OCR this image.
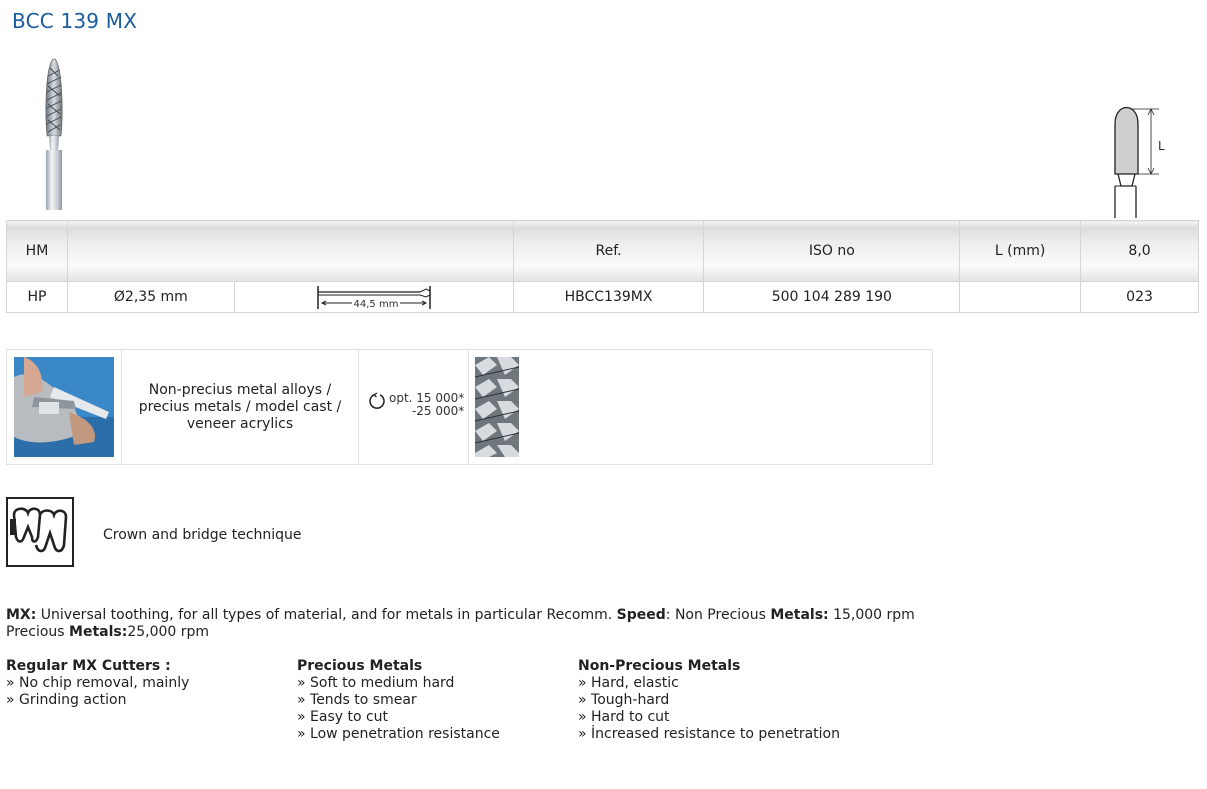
BCC 139 MX
L
HM			Ref.	ISO no	L (mm)	8,0
HP	Ø2,35 mm	44,5 mm	HBCC139MX	500 104 289 190		023
Non-precius metal alloys / precius metals / model cast / veneer acrylics
opt. 15 000*
-25 000*
Crown and bridge technique
MX: Universal toothing, for all types of material, and for metals in particular Recomm. Speed: Non Precious Metals: 15,000 rpm Precious Metals:25,000 rpm
Regular MX Cutters :
» No chip removal, mainly
» Grinding action
Precious Metals
» Soft to medium hard
» Tends to smear
» Easy to cut
» Low penetration resistance
Non-Precious Metals
» Hard, elastic
» Tough-hard
» Hard to cut
» İncreased resistance to penetration
